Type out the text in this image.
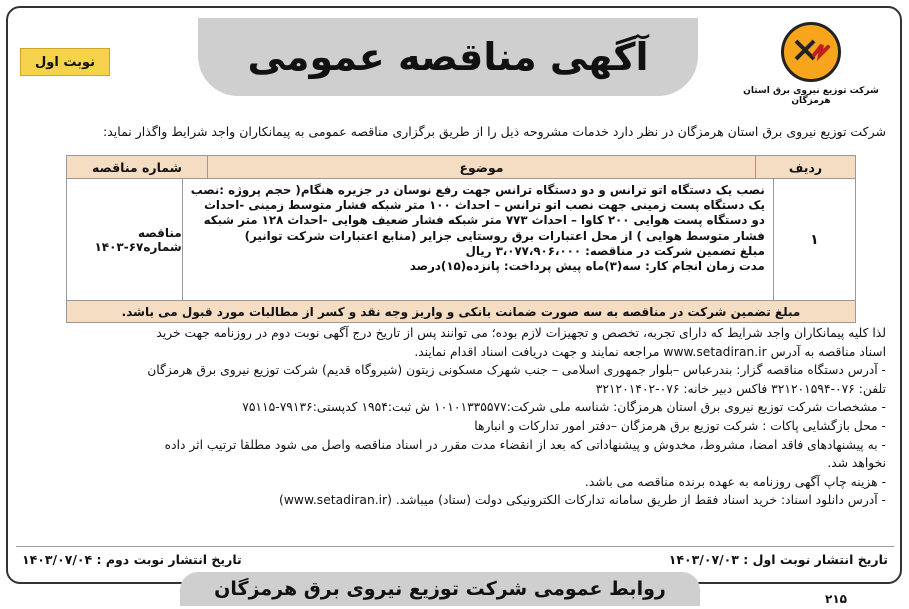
آگهی مناقصه عمومی
شرکت توزیع نیروی برق استان هرمزگان
نوبت اول
شرکت توزیع نیروی برق استان هرمزگان در نظر دارد خدمات مشروحه ذیل را از طریق برگزاری مناقصه عمومی به پیمانکاران واجد شرایط واگذار نماید:
ردیف
موضوع
شماره مناقصه
۱

نصب یک دستگاه اتو ترانس و دو دستگاه ترانس جهت رفع نوسان در جزیره هنگام( حجم پروژه :نصب

یک دستگاه پست زمینی جهت نصب اتو ترانس – احداث ۱۰۰ متر شبکه فشار متوسط زمینی -احداث

دو دستگاه پست هوایی ۲۰۰ کاوا – احداث ۷۷۳ متر شبکه فشار ضعیف هوایی -احداث ۱۲۸ متر شبکه

فشار متوسط هوایی ) از محل اعتبارات برق روستایی جزایر (منابع اعتبارات شرکت توانیر)

مبلغ تضمین شرکت در مناقصه: ۳،۰۷۷،۹۰۶،۰۰۰ ریال

مدت زمان انجام کار: سه(۳)ماه پیش پرداخت: پانزده(۱۵)درصد

مناقصه شماره۶۷-۱۴۰۳
مبلغ تضمین شرکت در مناقصه به سه صورت ضمانت بانکی و واریز وجه نقد و کسر از مطالبات مورد قبول می باشد.

لذا کلیه پیمانکاران واجد شرایط که دارای تجربه، تخصص و تجهیزات لازم بوده؛ می توانند پس از تاریخ درج آگهی نوبت دوم در روزنامه جهت خرید

اسناد مناقصه به آدرس www.setadiran.ir مراجعه نمایند و جهت دریافت اسناد اقدام نمایند.

- آدرس دستگاه مناقصه گزار: بندرعباس –بلوار جمهوری اسلامی – جنب شهرک مسکونی زیتون (شیروگاه قدیم) شرکت توزیع نیروی برق هرمزگان

تلفن: ۰۷۶-۳۲۱۲۰۱۵۹۴ فاکس دبیر خانه: ۰۷۶-۳۲۱۲۰۱۴۰۲

- مشخصات شرکت توزیع نیروی برق استان هرمزگان: شناسه ملی شرکت:۱۰۱۰۱۳۳۵۵۷۷ ش ثبت:۱۹۵۴ کدپستی:۷۹۱۳۶-۷۵۱۱۵

- محل بازگشایی پاکات : شرکت توزیع برق هرمزگان –دفتر امور تدارکات و انبارها

- به پیشنهادهای فاقد امضا، مشروط، مخدوش و پیشنهاداتی که بعد از انقضاء مدت مقرر در اسناد مناقصه واصل می شود مطلقا ترتیب اثر داده

نخواهد شد.

- هزینه چاپ آگهی روزنامه به عهده برنده مناقصه می باشد.

- آدرس دانلود اسناد: خرید اسناد فقط از طریق سامانه تدارکات الکترونیکی دولت (ستاد) میباشد. (www.setadiran.ir)

تاریخ انتشار نوبت اول : ۱۴۰۳/۰۷/۰۳
تاریخ انتشار نوبت دوم : ۱۴۰۳/۰۷/۰۴
روابط عمومی شرکت توزیع نیروی برق هرمزگان	۲۱۵
